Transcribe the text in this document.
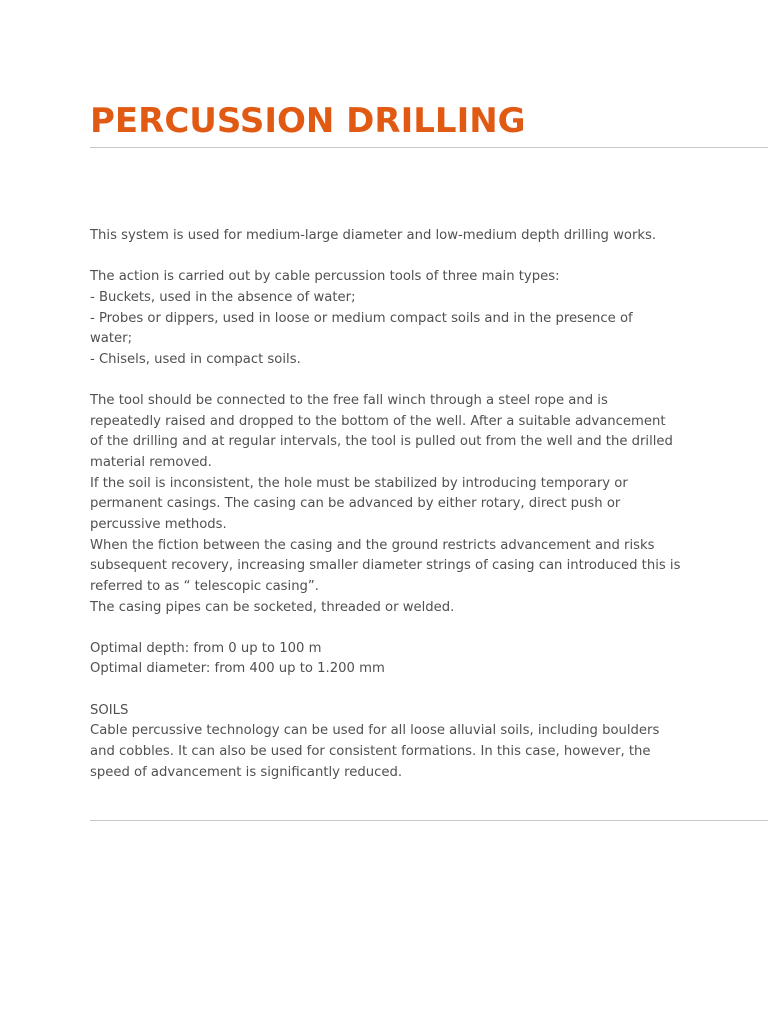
PERCUSSION DRILLING
This system is used for medium-large diameter and low-medium depth drilling works.
The action is carried out by cable percussion tools of three main types:
- Buckets, used in the absence of water;
- Probes or dippers, used in loose or medium compact soils and in the presence of
water;
- Chisels, used in compact soils.
The tool should be connected to the free fall winch through a steel rope and is
repeatedly raised and dropped to the bottom of the well. After a suitable advancement
of the drilling and at regular intervals, the tool is pulled out from the well and the drilled
material removed.
If the soil is inconsistent, the hole must be stabilized by introducing temporary or
permanent casings. The casing can be advanced by either rotary, direct push or
percussive methods.
When the fiction between the casing and the ground restricts advancement and risks
subsequent recovery, increasing smaller diameter strings of casing can introduced this is
referred to as “ telescopic casing”.
The casing pipes can be socketed, threaded or welded.
Optimal depth: from 0 up to 100 m
Optimal diameter: from 400 up to 1.200 mm
SOILS
Cable percussive technology can be used for all loose alluvial soils, including boulders
and cobbles. It can also be used for consistent formations. In this case, however, the
speed of advancement is significantly reduced.
